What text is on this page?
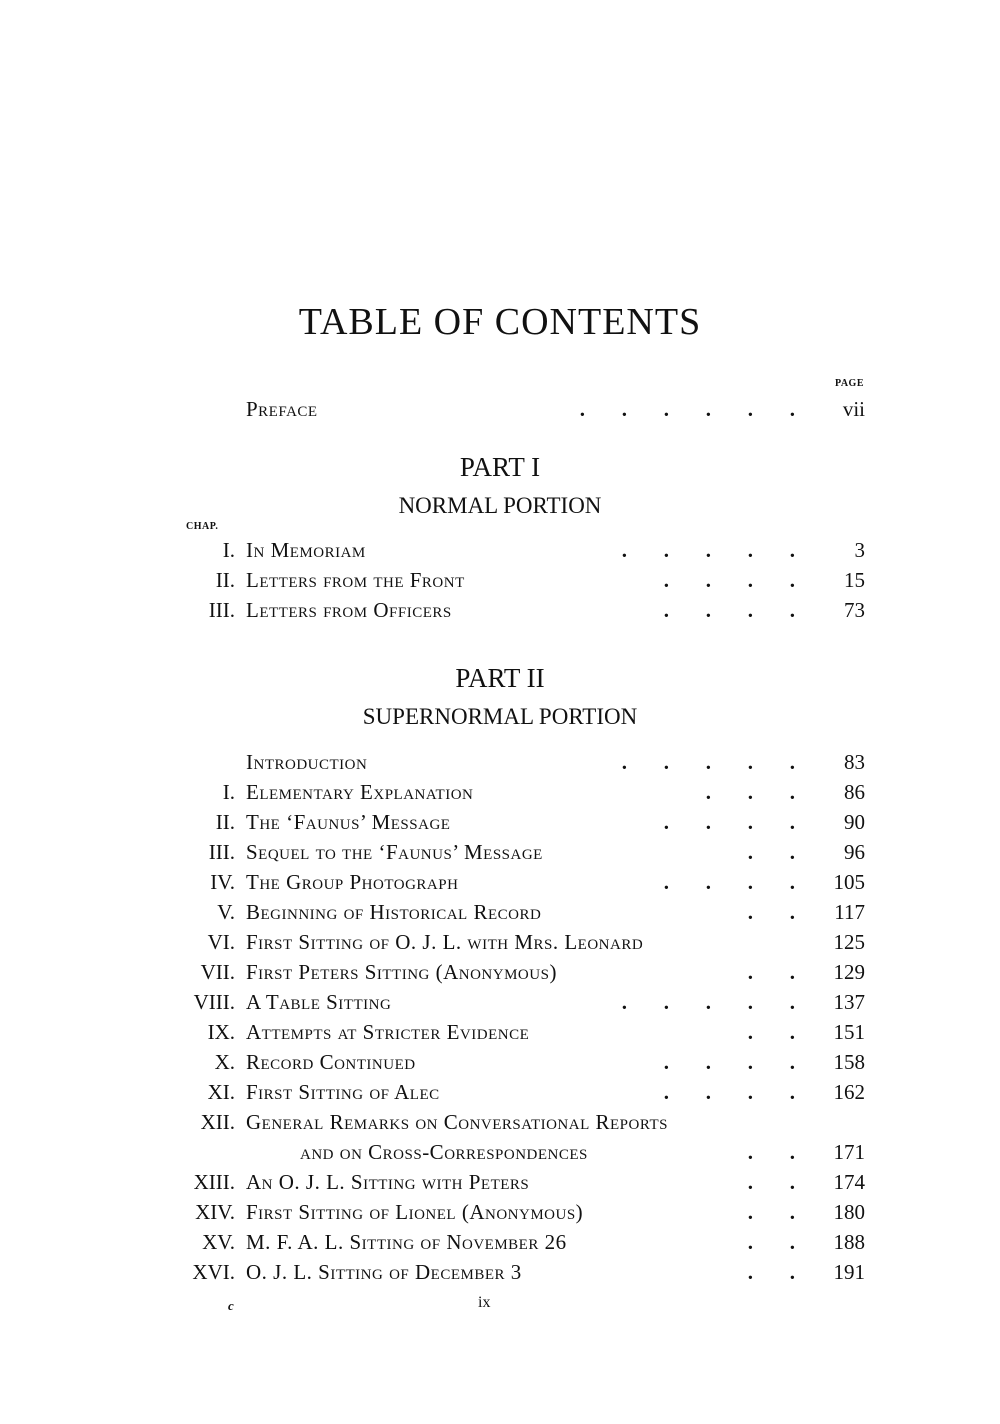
TABLE OF CONTENTS
PAGE
Preface	.       .       .       .       .       .	vii
PART I
NORMAL PORTION
CHAP.
I. In Memoriam	.       .       .       .       .	3
II. Letters from the Front	.       .       .       .	15
III. Letters from Officers	.       .       .       .	73
PART II
SUPERNORMAL PORTION
Introduction	.       .       .       .       .	83
I. Elementary Explanation	.       .       .	86
II. The ‘Faunus’ Message	.       .       .       .	90
III. Sequel to the ‘Faunus’ Message	.       .	96
IV. The Group Photograph	.       .       .       .	105
V. Beginning of Historical Record	.       .	117
VI. First Sitting of O. J. L. with Mrs. Leonard	125
VII. First Peters Sitting (Anonymous)	.       .	129
VIII. A Table Sitting	.       .       .       .       .	137
IX. Attempts at Stricter Evidence	.       .	151
X. Record Continued	.       .       .       .	158
XI. First Sitting of Alec	.       .       .       .	162
XII. General Remarks on Conversational Reports
and on Cross-Correspondences	.       .	171
XIII. An O. J. L. Sitting with Peters	.       .	174
XIV. First Sitting of Lionel (Anonymous)	.       .	180
XV. M. F. A. L. Sitting of November 26	.       .	188
XVI. O. J. L. Sitting of December 3	.       .	191
c	ix
